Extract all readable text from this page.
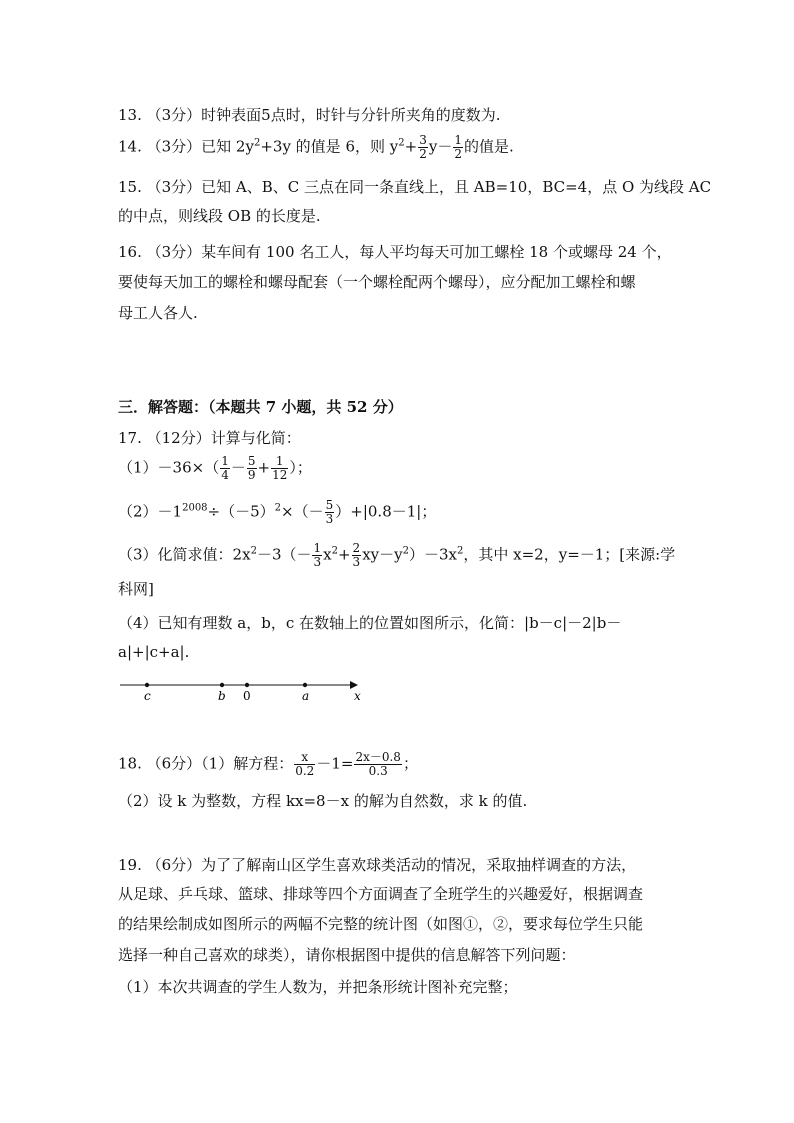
13. （3分）时钟表面5点时，时针与分针所夹角的度数为.
14. （3分）已知 $2y^2+3y$ 的值是 6，则 $y^2+ \frac{3}{2} y- \frac{1}{2}$ 的值是.
15. （3分）已知 A、B、C 三点在同一条直线上，且 AB=10，BC=4，点 O 为线段 AC
的中点，则线段 OB 的长度是.
16. （3分）某车间有 100 名工人，每人平均每天可加工螺栓 18 个或螺母 24 个，
要使每天加工的螺栓和螺母配套（一个螺栓配两个螺母），应分配加工螺栓和螺
母工人各人.
三．解答题：（本题共 7 小题，共 52 分）
17. （12分）计算与化简：
$(1)-36\times( \frac{1}{4} - \frac{5}{9} + \frac{1}{12}$ ）；
$(2)-1^{2008}\div(-5)^2\times(- \frac{5}{3} )+|0.8-1|$；
（3）化简求值：$2x^2-3(- \frac{1}{3} x^2+ \frac{2}{3} xy-y^2)-3x^2$，其中 x=2，y=－1；[来源:学
科网]
（4）已知有理数 a，b，c 在数轴上的位置如图所示，化简：|b－c|－2|b－
a|+|c+a|.
c	b 0	a	x
18. （6分）（1）解方程： $\frac{x}{0.2} -1= \frac{2x-0.8}{0.3}$ ；
（2）设 k 为整数，方程 kx=8－x 的解为自然数，求 k 的值.
19. （6分）为了了解南山区学生喜欢球类活动的情况，采取抽样调查的方法，
从足球、乒乓球、篮球、排球等四个方面调查了全班学生的兴趣爱好，根据调查
的结果绘制成如图所示的两幅不完整的统计图（如图①，②，要求每位学生只能
选择一种自己喜欢的球类），请你根据图中提供的信息解答下列问题：
（1）本次共调查的学生人数为，并把条形统计图补充完整；
